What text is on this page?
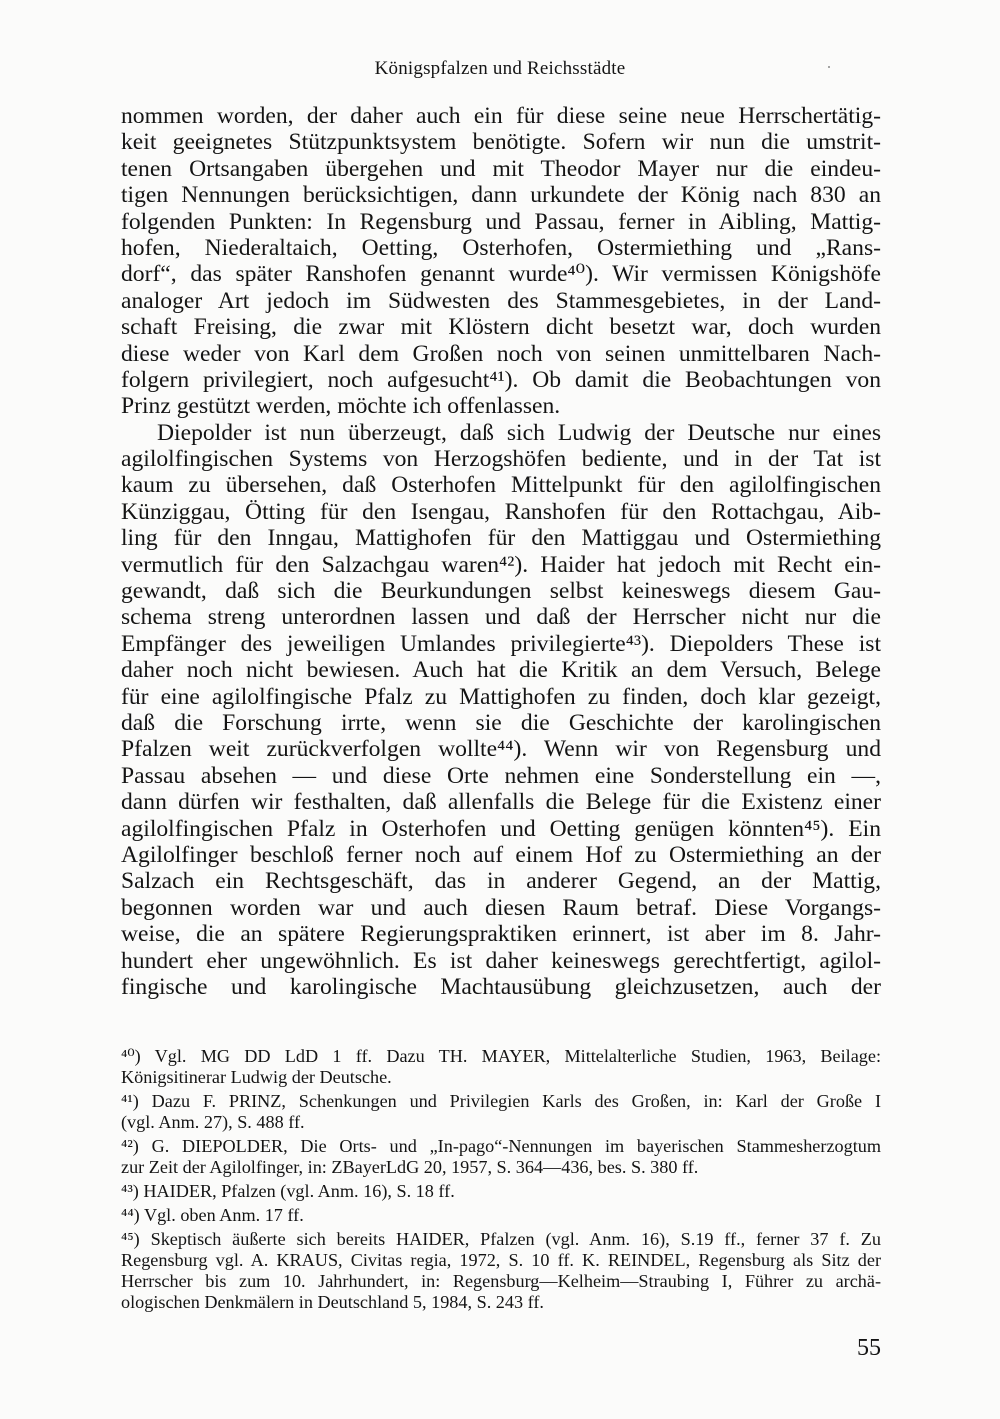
Königspfalzen und Reichsstädte
nommen worden, der daher auch ein für diese seine neue Herrschertätig-
keit geeignetes Stützpunktsystem benötigte. Sofern wir nun die umstrit-
tenen Ortsangaben übergehen und mit Theodor Mayer nur die eindeu-
tigen Nennungen berücksichtigen, dann urkundete der König nach 830 an
folgenden Punkten: In Regensburg und Passau, ferner in Aibling, Mattig-
hofen, Niederaltaich, Oetting, Osterhofen, Ostermiething und „Rans-
dorf“, das später Ranshofen genannt wurde⁴⁰). Wir vermissen Königshöfe
analoger Art jedoch im Südwesten des Stammesgebietes, in der Land-
schaft Freising, die zwar mit Klöstern dicht besetzt war, doch wurden
diese weder von Karl dem Großen noch von seinen unmittelbaren Nach-
folgern privilegiert, noch aufgesucht⁴¹). Ob damit die Beobachtungen von
Prinz gestützt werden, möchte ich offenlassen.
Diepolder ist nun überzeugt, daß sich Ludwig der Deutsche nur eines
agilolfingischen Systems von Herzogshöfen bediente, und in der Tat ist
kaum zu übersehen, daß Osterhofen Mittelpunkt für den agilolfingischen
Künziggau, Ötting für den Isengau, Ranshofen für den Rottachgau, Aib-
ling für den Inngau, Mattighofen für den Mattiggau und Ostermiething
vermutlich für den Salzachgau waren⁴²). Haider hat jedoch mit Recht ein-
gewandt, daß sich die Beurkundungen selbst keineswegs diesem Gau-
schema streng unterordnen lassen und daß der Herrscher nicht nur die
Empfänger des jeweiligen Umlandes privilegierte⁴³). Diepolders These ist
daher noch nicht bewiesen. Auch hat die Kritik an dem Versuch, Belege
für eine agilolfingische Pfalz zu Mattighofen zu finden, doch klar gezeigt,
daß die Forschung irrte, wenn sie die Geschichte der karolingischen
Pfalzen weit zurückverfolgen wollte⁴⁴). Wenn wir von Regensburg und
Passau absehen — und diese Orte nehmen eine Sonderstellung ein —,
dann dürfen wir festhalten, daß allenfalls die Belege für die Existenz einer
agilolfingischen Pfalz in Osterhofen und Oetting genügen könnten⁴⁵). Ein
Agilolfinger beschloß ferner noch auf einem Hof zu Ostermiething an der
Salzach ein Rechtsgeschäft, das in anderer Gegend, an der Mattig,
begonnen worden war und auch diesen Raum betraf. Diese Vorgangs-
weise, die an spätere Regierungspraktiken erinnert, ist aber im 8. Jahr-
hundert eher ungewöhnlich. Es ist daher keineswegs gerechtfertigt, agilol-
fingische und karolingische Machtausübung gleichzusetzen, auch der
⁴⁰) Vgl. MG DD LdD 1 ff. Dazu TH. MAYER, Mittelalterliche Studien, 1963, Beilage:
Königsitinerar Ludwig der Deutsche.
⁴¹) Dazu F. PRINZ, Schenkungen und Privilegien Karls des Großen, in: Karl der Große I
(vgl. Anm. 27), S. 488 ff.
⁴²) G. DIEPOLDER, Die Orts- und „In-pago“-Nennungen im bayerischen Stammesherzogtum
zur Zeit der Agilolfinger, in: ZBayerLdG 20, 1957, S. 364—436, bes. S. 380 ff.
⁴³) HAIDER, Pfalzen (vgl. Anm. 16), S. 18 ff.
⁴⁴) Vgl. oben Anm. 17 ff.
⁴⁵) Skeptisch äußerte sich bereits HAIDER, Pfalzen (vgl. Anm. 16), S.19 ff., ferner 37 f. Zu
Regensburg vgl. A. KRAUS, Civitas regia, 1972, S. 10 ff. K. REINDEL, Regensburg als Sitz der
Herrscher bis zum 10. Jahrhundert, in: Regensburg—Kelheim—Straubing I, Führer zu archä-
ologischen Denkmälern in Deutschland 5, 1984, S. 243 ff.
55
